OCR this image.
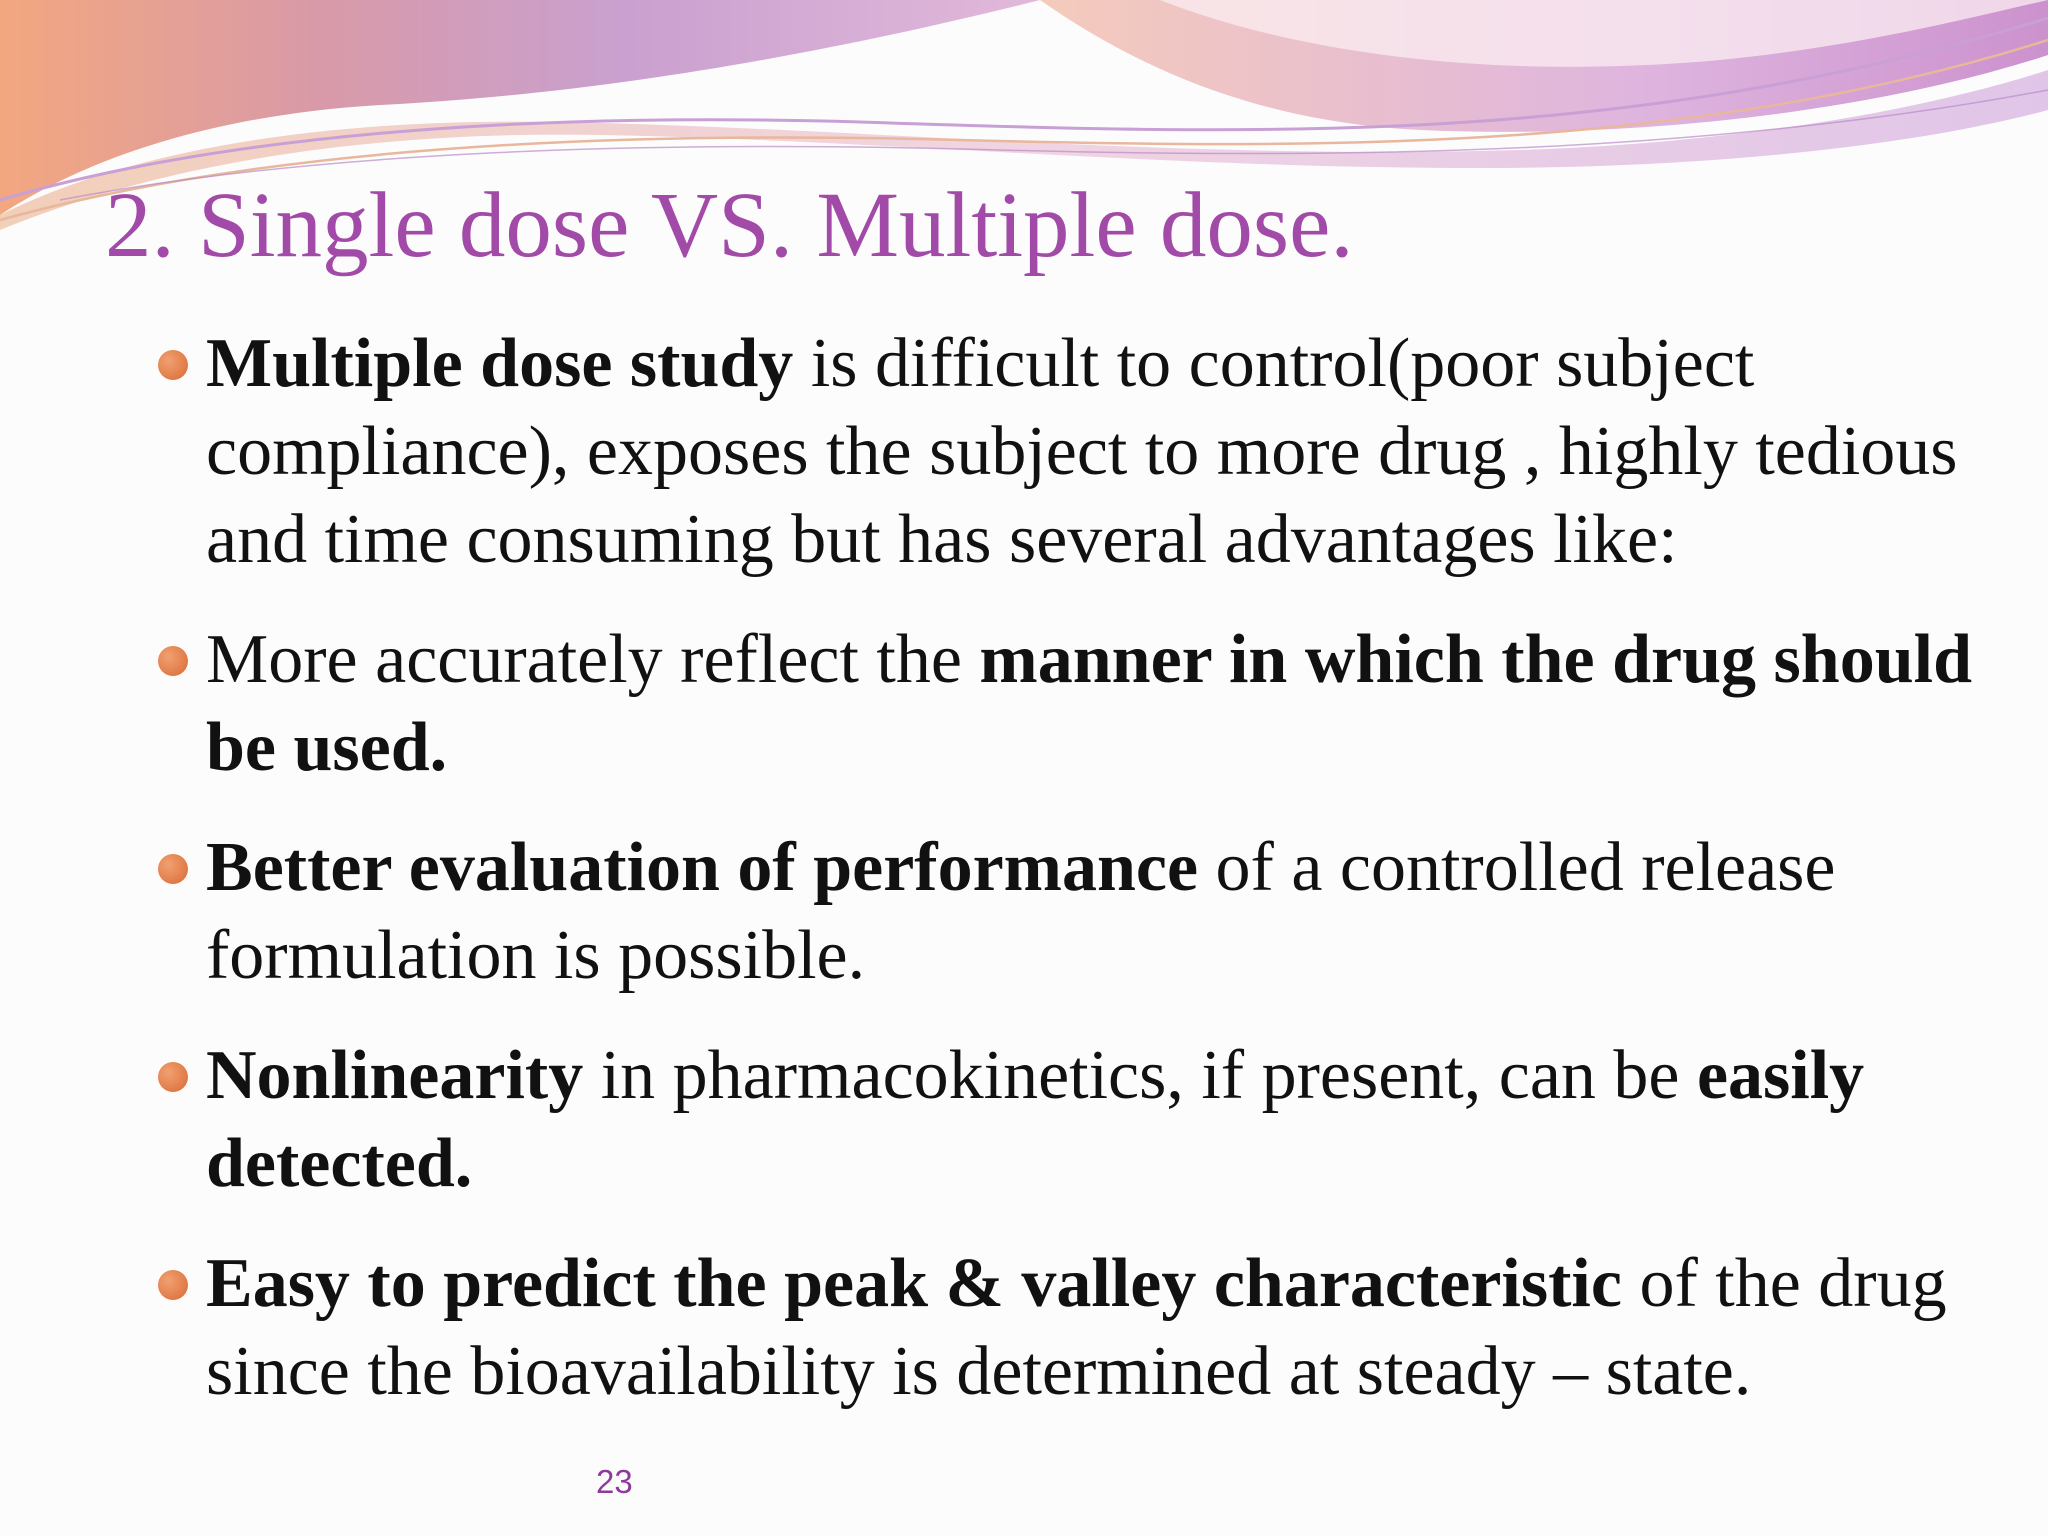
2. Single dose VS. Multiple dose.
Multiple dose study is difficult to control(poor subject compliance), exposes the subject to more drug , highly tedious and time consuming but has several advantages like:
More accurately reflect the manner in which the drug should be used.
Better evaluation of performance of a controlled release formulation is possible.
Nonlinearity in pharmacokinetics, if present, can be easily detected.
Easy to predict the peak & valley characteristic of the drug since the bioavailability is determined at steady – state.
23
